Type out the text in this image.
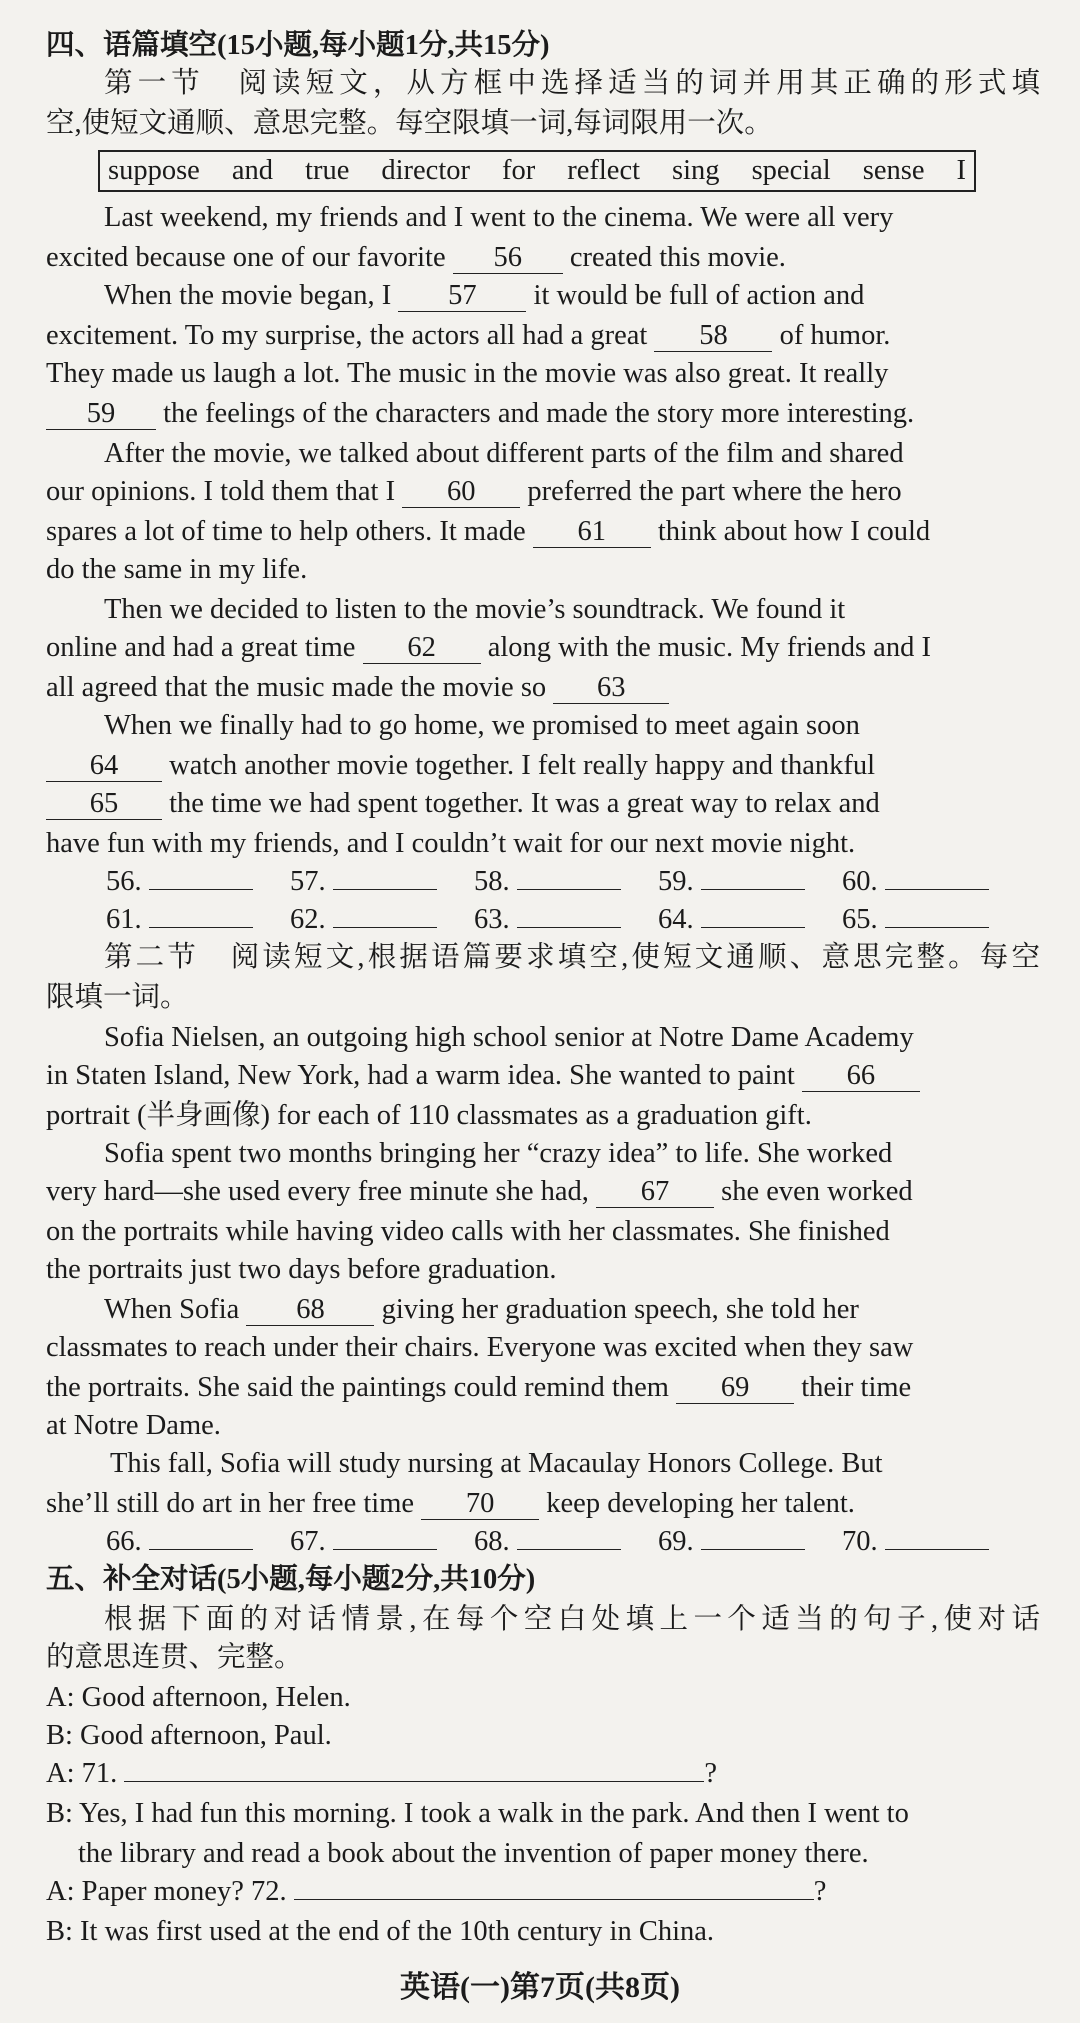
四、语篇填空(15小题,每小题1分,共15分)
第一节　阅读短文，从方框中选择适当的词并用其正确的形式填
空,使短文通顺、意思完整。每空限填一词,每词限用一次。
suppose and true director for reflect sing special sense I
Last weekend, my friends and I went to the cinema. We were all very
excited because one of our favorite 56 created this movie.
When the movie began, I 57 it would be full of action and
excitement. To my surprise, the actors all had a great 58 of humor.
They made us laugh a lot. The music in the movie was also great. It really
59 the feelings of the characters and made the story more interesting.
After the movie, we talked about different parts of the film and shared
our opinions. I told them that I 60 preferred the part where the hero
spares a lot of time to help others. It made 61 think about how I could
do the same in my life.
Then we decided to listen to the movie’s soundtrack. We found it
online and had a great time 62 along with the music. My friends and I
all agreed that the music made the movie so 63
When we finally had to go home, we promised to meet again soon
64 watch another movie together. I felt really happy and thankful
65 the time we had spent together. It was a great way to relax and
have fun with my friends, and I couldn’t wait for our next movie night.
56.	57.	58.	59.	60.
61.	62.	63.	64.	65.
第二节　阅读短文,根据语篇要求填空,使短文通顺、意思完整。每空
限填一词。
Sofia Nielsen, an outgoing high school senior at Notre Dame Academy
in Staten Island, New York, had a warm idea. She wanted to paint 66
portrait (半身画像) for each of 110 classmates as a graduation gift.
Sofia spent two months bringing her “crazy idea” to life. She worked
very hard—she used every free minute she had, 67 she even worked
on the portraits while having video calls with her classmates. She finished
the portraits just two days before graduation.
When Sofia 68 giving her graduation speech, she told her
classmates to reach under their chairs. Everyone was excited when they saw
the portraits. She said the paintings could remind them 69 their time
at Notre Dame.
This fall, Sofia will study nursing at Macaulay Honors College. But
she’ll still do art in her free time 70 keep developing her talent.
66.	67.	68.	69.	70.
五、补全对话(5小题,每小题2分,共10分)
根据下面的对话情景,在每个空白处填上一个适当的句子,使对话
的意思连贯、完整。
A: Good afternoon, Helen.
B: Good afternoon, Paul.
A: 71.	?
B: Yes, I had fun this morning. I took a walk in the park. And then I went to
the library and read a book about the invention of paper money there.
A: Paper money? 72.	?
B: It was first used at the end of the 10th century in China.
英语(一)第7页(共8页)
